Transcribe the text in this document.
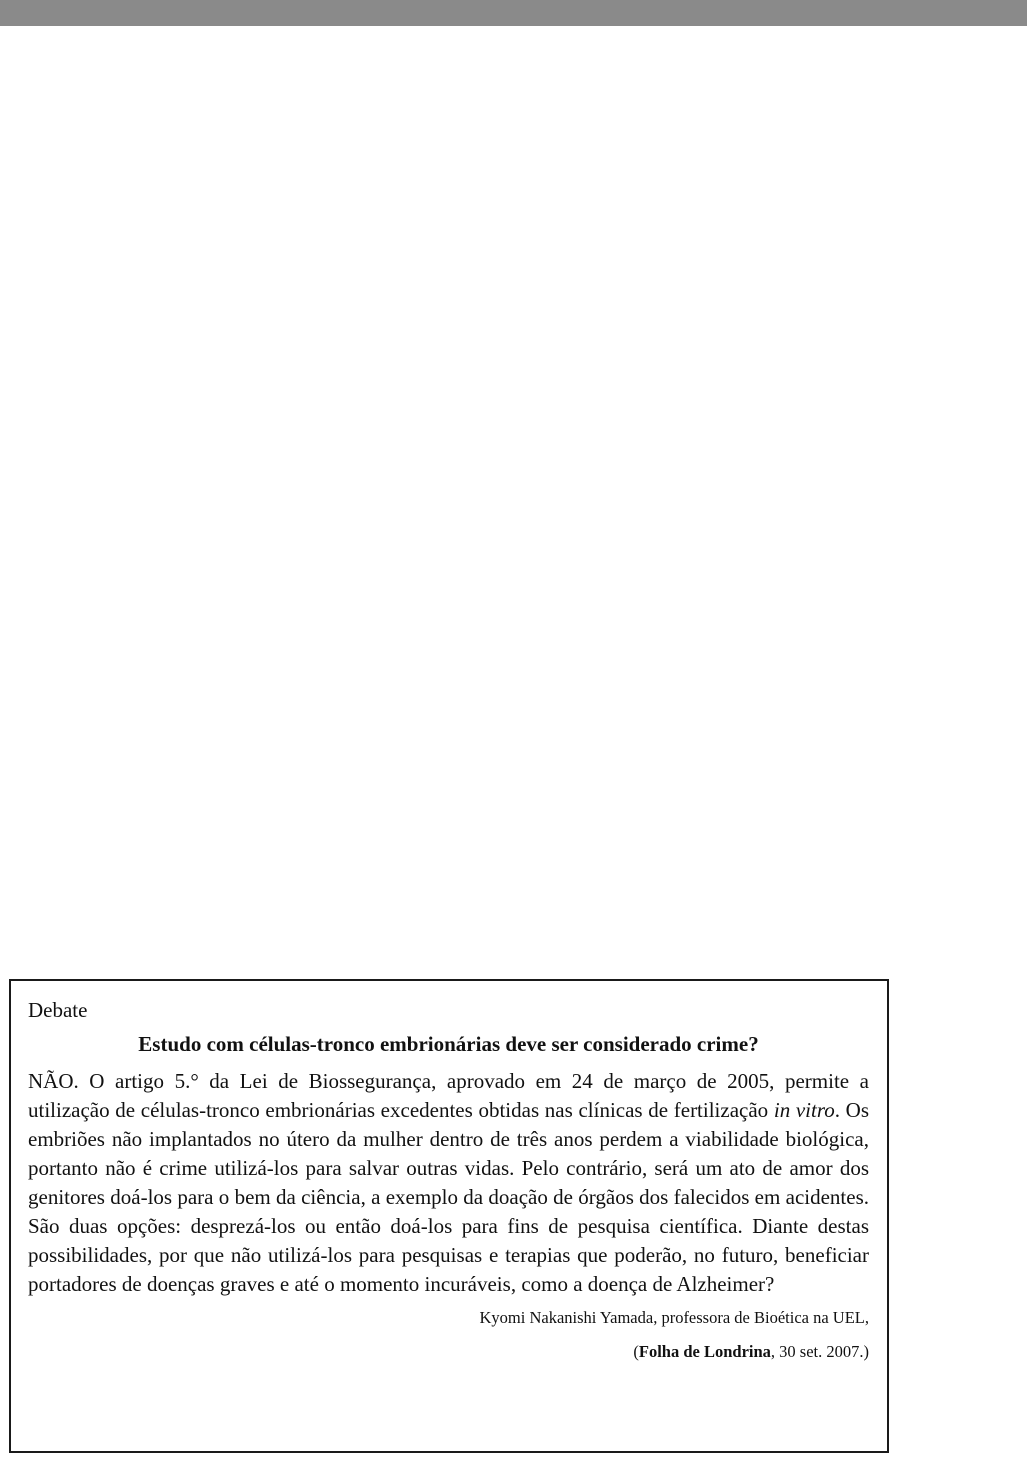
Debate

Estudo com células-tronco embrionárias deve ser considerado crime?

NÃO. O artigo 5.° da Lei de Biossegurança, aprovado em 24 de março de 2005, permite a utilização de células-tronco embrionárias excedentes obtidas nas clínicas de fertilização in vitro. Os embriões não implantados no útero da mulher dentro de três anos perdem a viabilidade biológica, portanto não é crime utilizá-los para salvar outras vidas. Pelo contrário, será um ato de amor dos genitores doá-los para o bem da ciência, a exemplo da doação de órgãos dos falecidos em acidentes. São duas opções: desprezá-los ou então doá-los para fins de pesquisa científica. Diante destas possibilidades, por que não utilizá-los para pesquisas e terapias que poderão, no futuro, beneficiar portadores de doenças graves e até o momento incuráveis, como a doença de Alzheimer?

Kyomi Nakanishi Yamada, professora de Bioética na UEL,

(Folha de Londrina, 30 set. 2007.)
